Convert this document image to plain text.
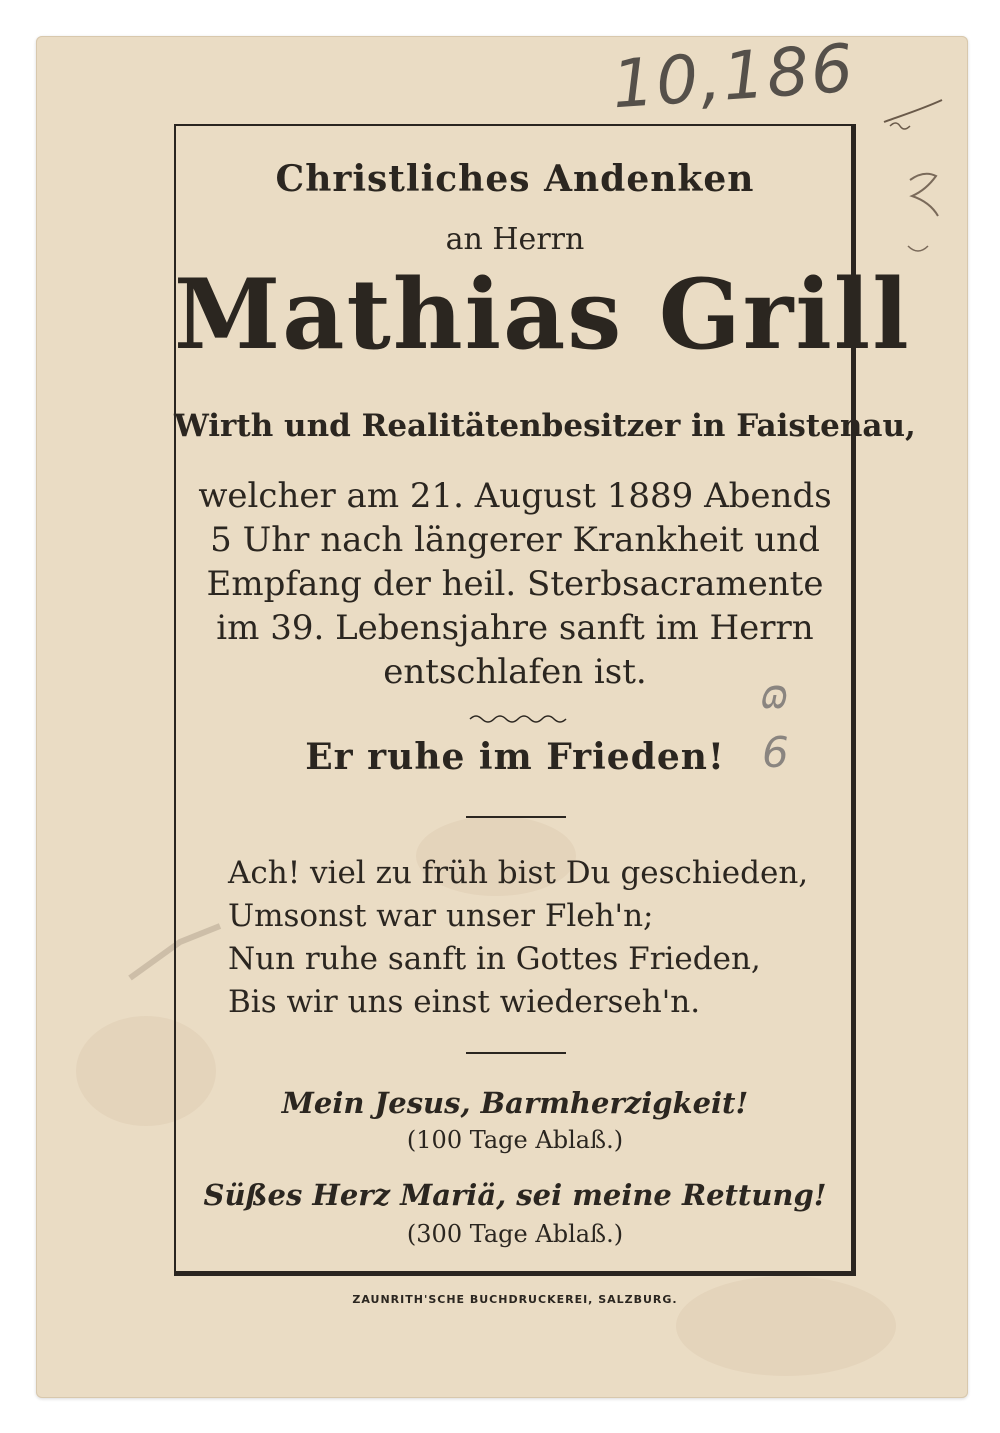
10,186
Christliches Andenken
an Herrn
Mathias Grill
Wirth und Realitätenbesitzer in Faistenau,
welcher am 21. August 1889 Abends
5 Uhr nach längerer Krankheit und
Empfang der heil. Sterbsacramente
im 39. Lebensjahre sanft im Herrn
entschlafen ist.
Er ruhe im Frieden!
Ach! viel zu früh bist Du geschieden,
Umsonst war unser Fleh'n;
Nun ruhe sanft in Gottes Frieden,
Bis wir uns einst wiederseh'n.
Mein Jesus, Barmherzigkeit!
(100 Tage Ablaß.)
Süßes Herz Mariä, sei meine Rettung!
(300 Tage Ablaß.)
ZAUNRITH'SCHE BUCHDRUCKEREI, SALZBURG.
ɷ
6
